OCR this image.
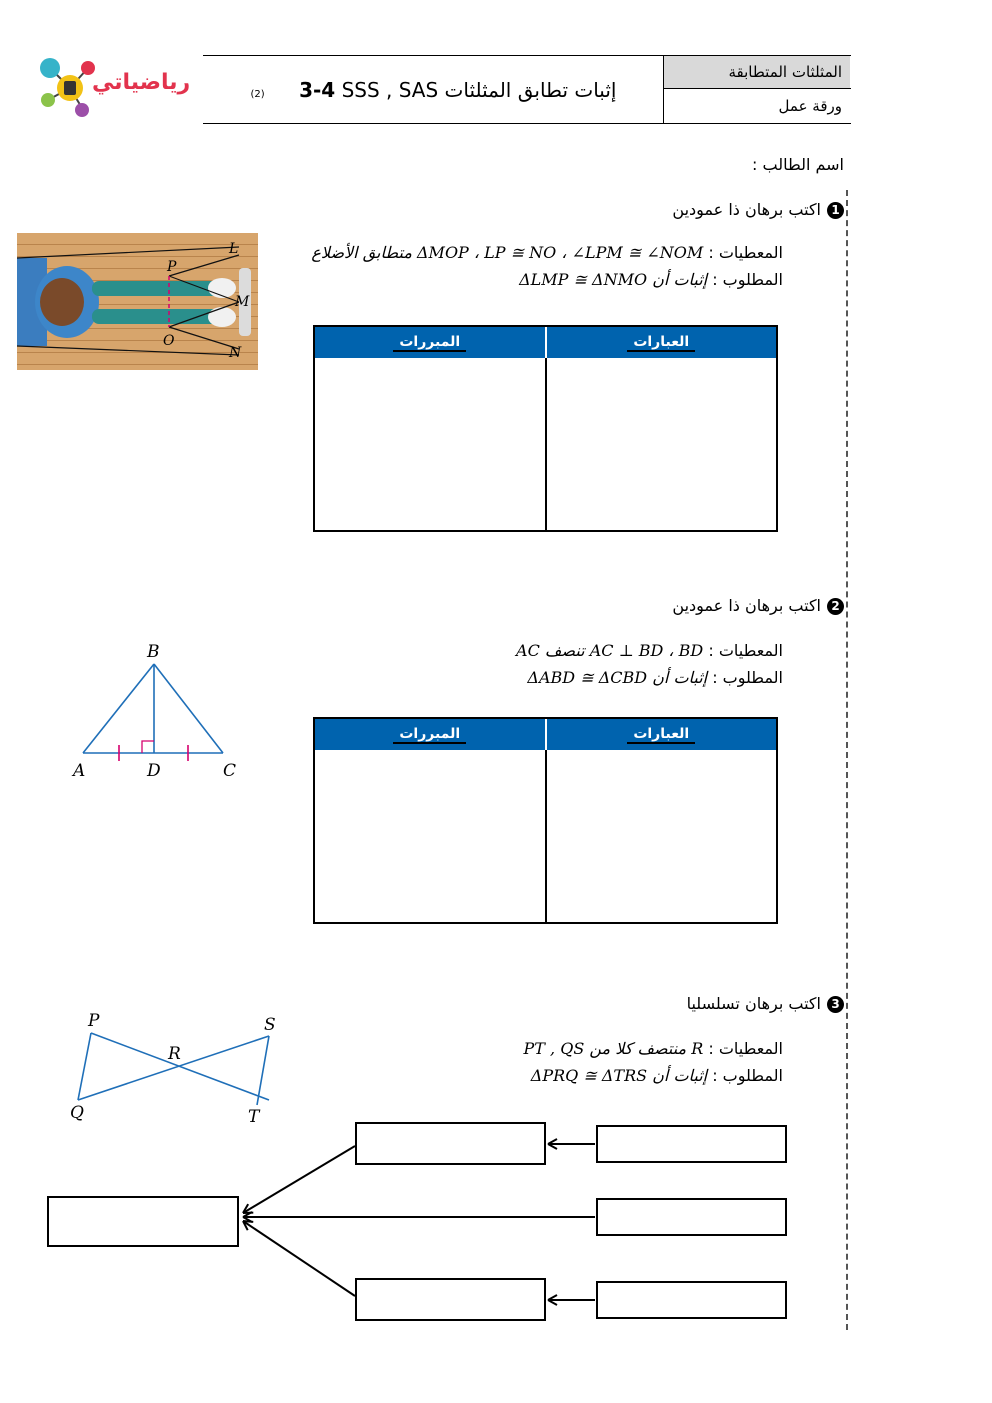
رياضياتي	المثلثات المتطابقة
ورقة عمل
(2)	إثبات تطابق المثلثات SSS , SAS 3-4
اسم الطالب :
1اكتب برهان ذا عمودين
المعطيات : ΔMOP ، LP ≅ NO ، ∠LPM ≅ ∠NOM متطابق الأضلاع
المطلوب : إثبات أن ΔLMP ≅ ΔNMO
P
L
M
O
N
المبررات	العبارات
2اكتب برهان ذا عمودين
المعطيات : AC ⊥ BD ، BD تنصف AC
المطلوب : إثبات أن ΔABD ≅ ΔCBD
B
A	D	C
المبررات	العبارات
3اكتب برهان تسلسليا
المعطيات : R منتصف كلا من PT , QS
المطلوب : إثبات أن ΔPRQ ≅ ΔTRS
P	S
R
Q	T
